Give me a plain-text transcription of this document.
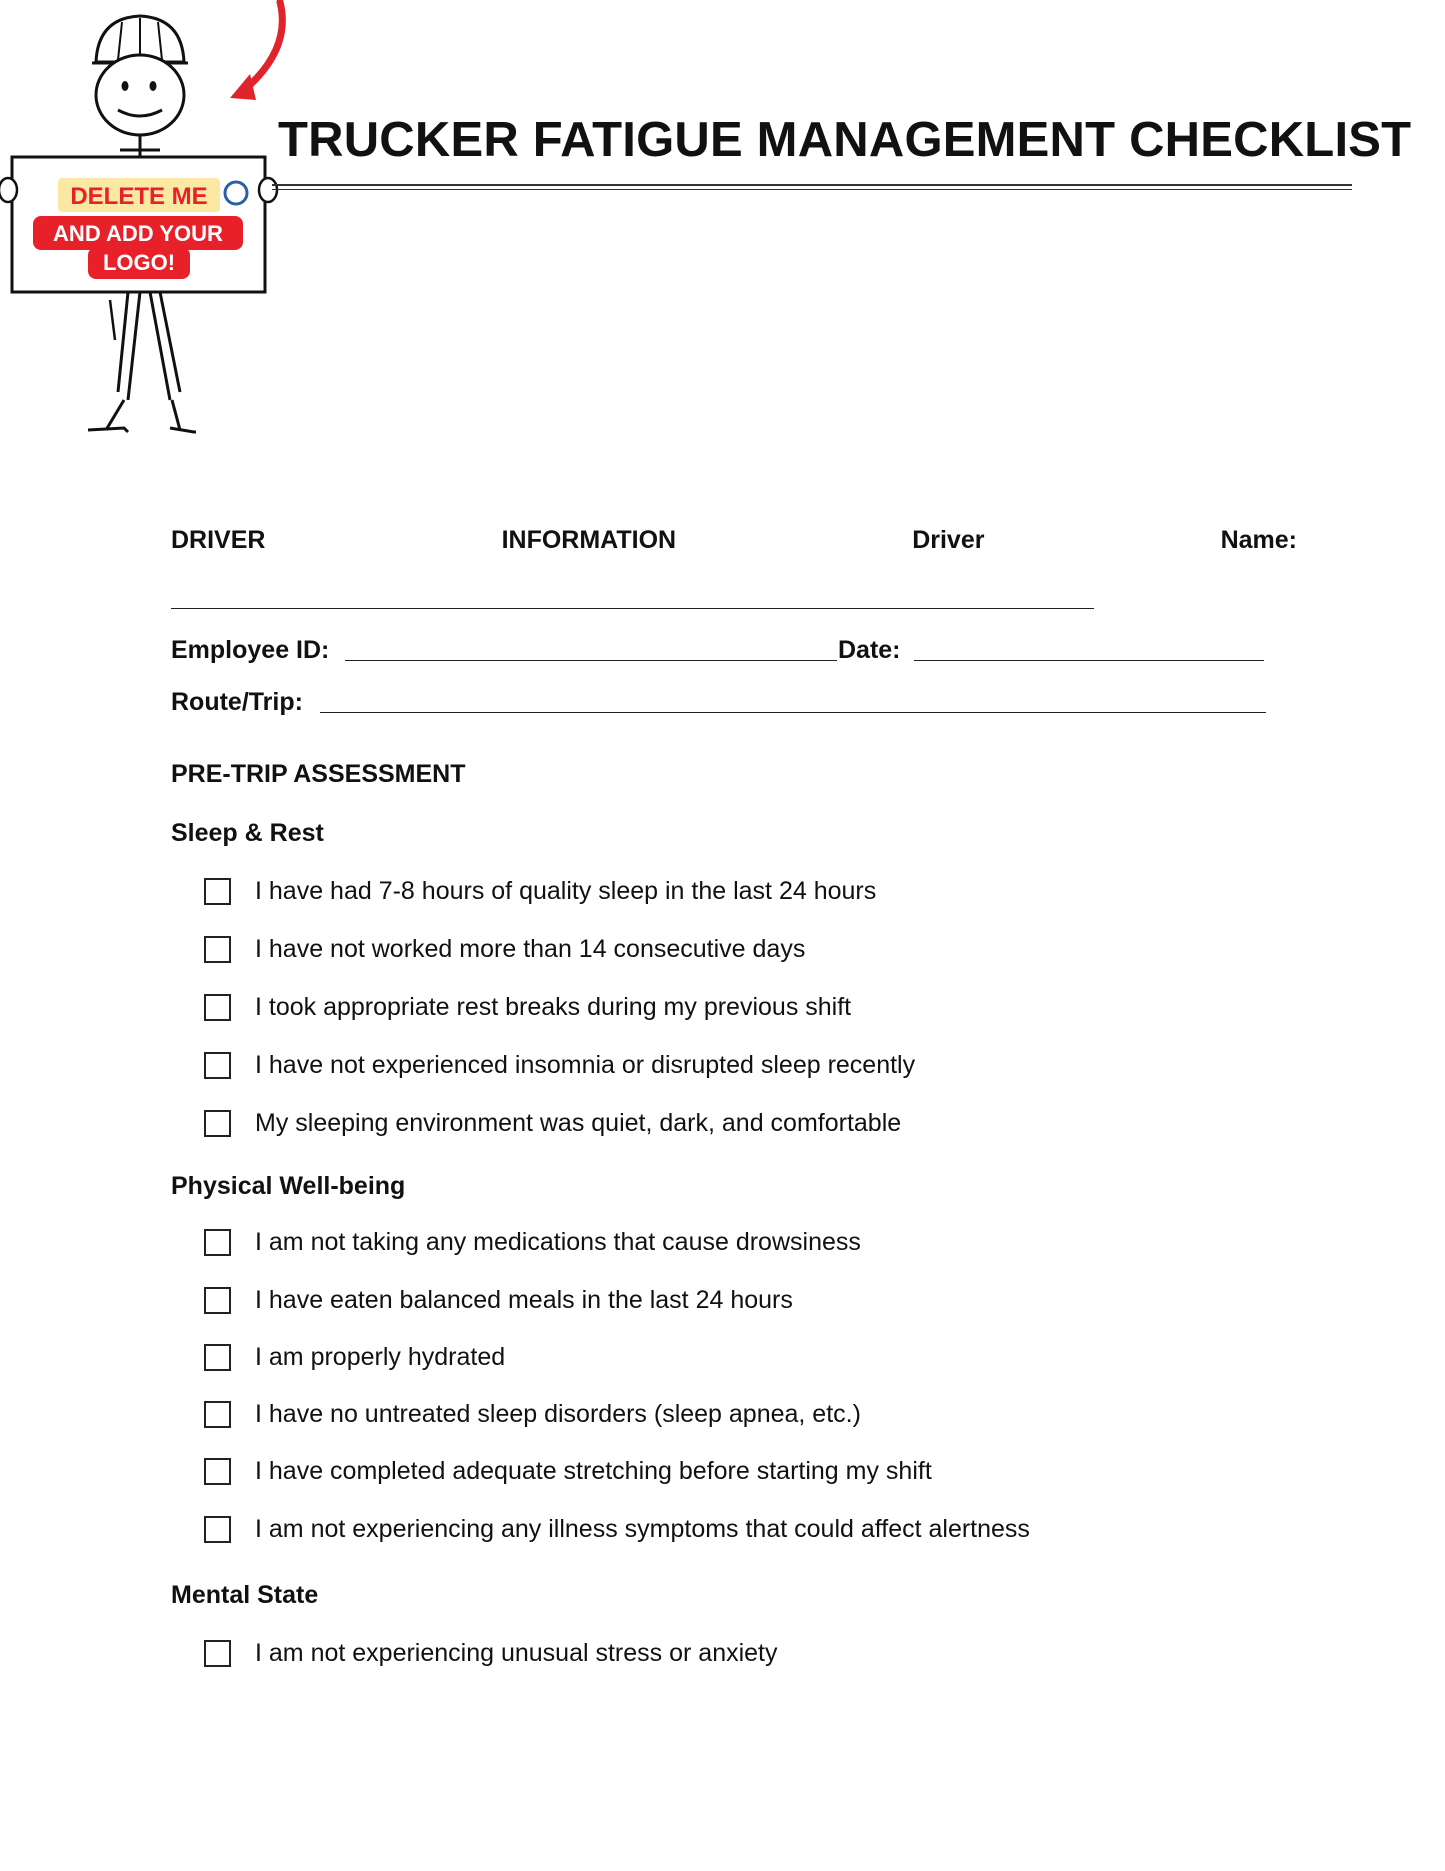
DELETE ME
AND ADD YOUR
LOGO!
TRUCKER FATIGUE MANAGEMENT CHECKLIST
DRIVER	INFORMATION	Driver	Name:
Employee ID:	Date:
Route/Trip:
PRE-TRIP ASSESSMENT
Sleep & Rest
I have had 7-8 hours of quality sleep in the last 24 hours
I have not worked more than 14 consecutive days
I took appropriate rest breaks during my previous shift
I have not experienced insomnia or disrupted sleep recently
My sleeping environment was quiet, dark, and comfortable
Physical Well-being
I am not taking any medications that cause drowsiness
I have eaten balanced meals in the last 24 hours
I am properly hydrated
I have no untreated sleep disorders (sleep apnea, etc.)
I have completed adequate stretching before starting my shift
I am not experiencing any illness symptoms that could affect alertness
Mental State
I am not experiencing unusual stress or anxiety
